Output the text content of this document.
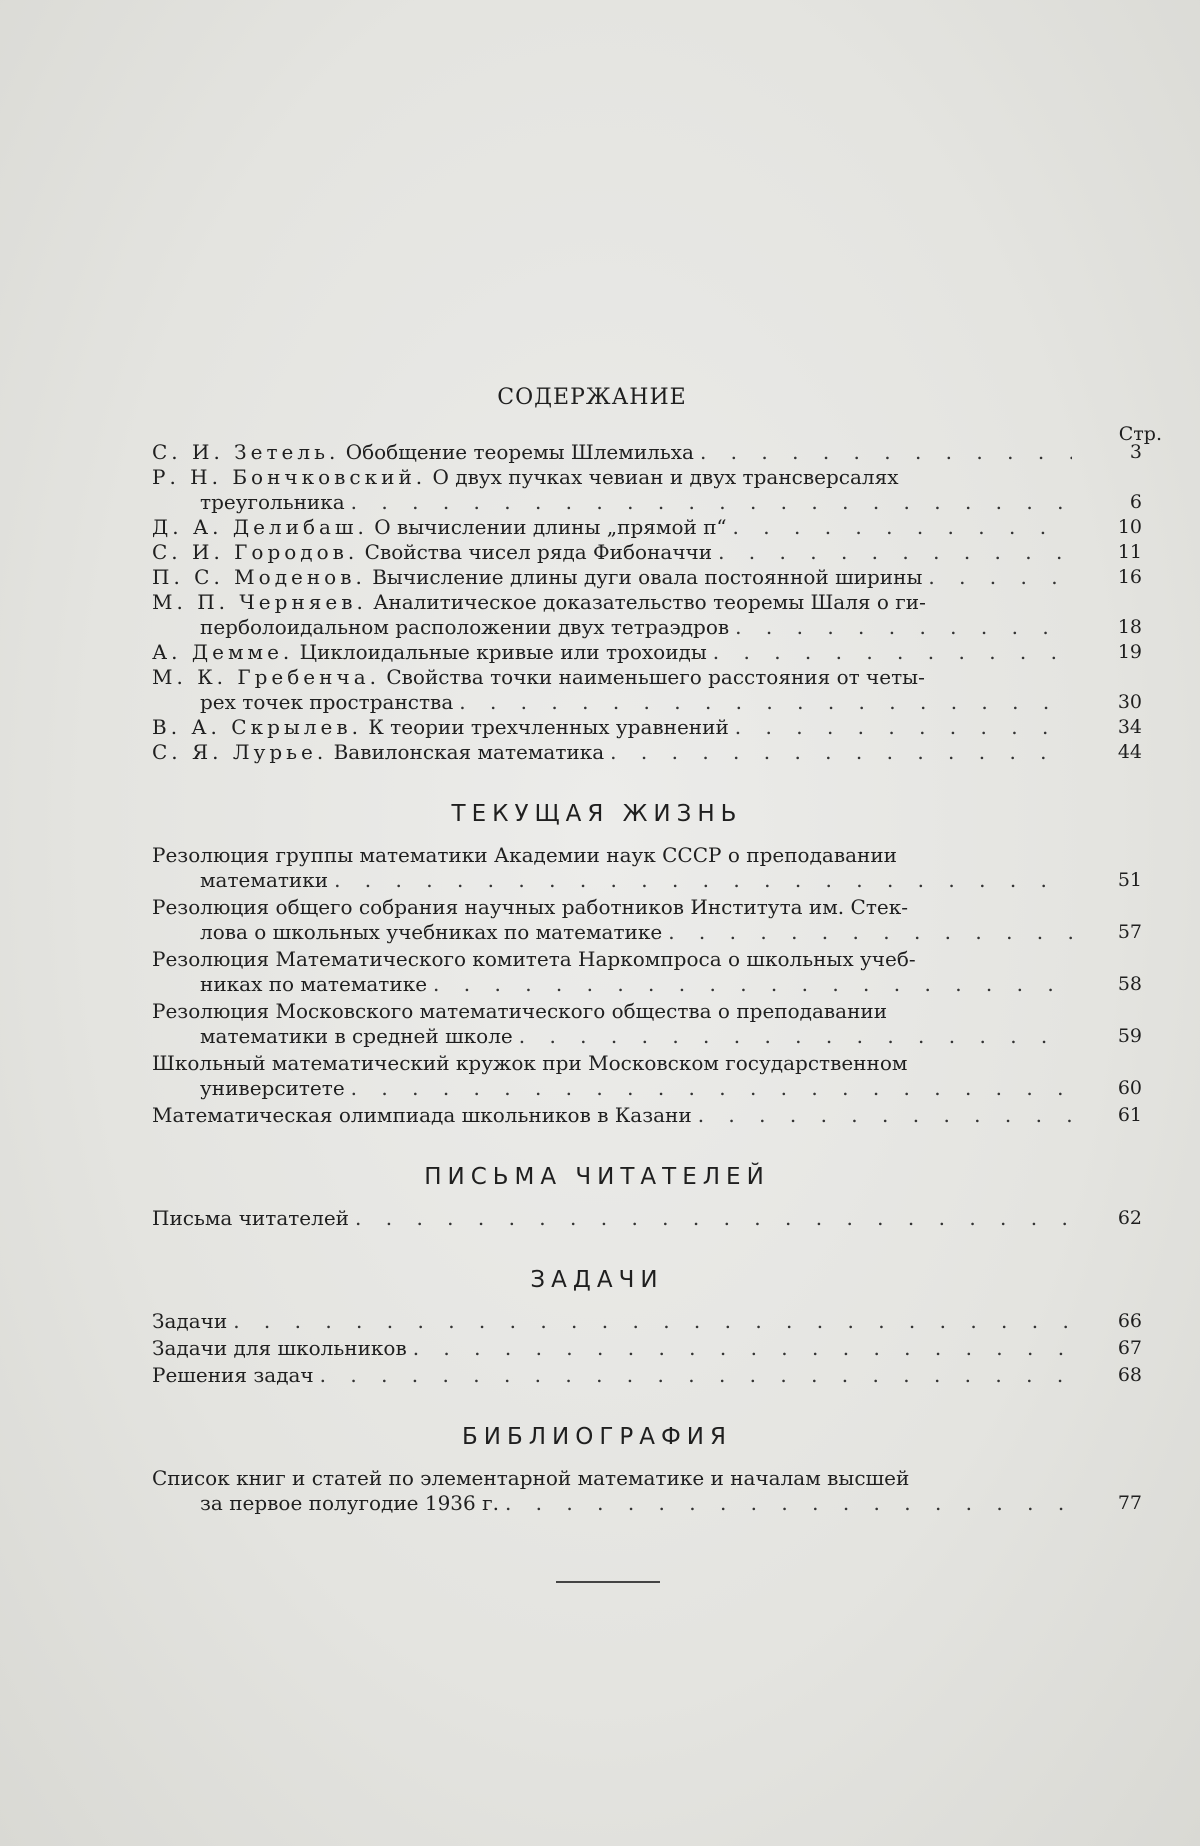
СОДЕРЖАНИЕ
Стр.
С. И. Зетель. Обобщение теоремы Шлемильха . . .	3
Р. Н. Бончковский. О двух пучках чевиан и двух трансверсалях
треугольника . . .	6
Д. А. Делибаш. О вычислении длины „прямой π“ . . .	10
С. И. Городов. Свойства чисел ряда Фибоначчи . . .	11
П. С. Моденов. Вычисление длины дуги овала постоянной ширины . . .	16
М. П. Черняев. Аналитическое доказательство теоремы Шаля о ги-
перболоидальном расположении двух тетраэдров . . .	18
А. Демме. Циклоидальные кривые или трохоиды . . .	19
М. К. Гребенча. Свойства точки наименьшего расстояния от четы-
рех точек пространства . . .	30
В. А. Скрылев. К теории трехчленных уравнений . . .	34
С. Я. Лурье. Вавилонская математика . . .	44
ТЕКУЩАЯ ЖИЗНЬ
Резолюция группы математики Академии наук СССР о преподавании
математики . . .	51
Резолюция общего собрания научных работников Института им. Стек-
лова о школьных учебниках по математике . . .	57
Резолюция Математического комитета Наркомпроса о школьных учеб-
никах по математике . . .	58
Резолюция Московского математического общества о преподавании
математики в средней школе . . .	59
Школьный математический кружок при Московском государственном
университете . . .	60
Математическая олимпиада школьников в Казани . . .	61
ПИСЬМА ЧИТАТЕЛЕЙ
Письма читателей . . .	62
ЗАДАЧИ
Задачи . . .	66
Задачи для школьников . . .	67
Решения задач . . .	68
БИБЛИОГРАФИЯ
Список книг и статей по элементарной математике и началам высшей
за первое полугодие 1936 г. . . .	77
